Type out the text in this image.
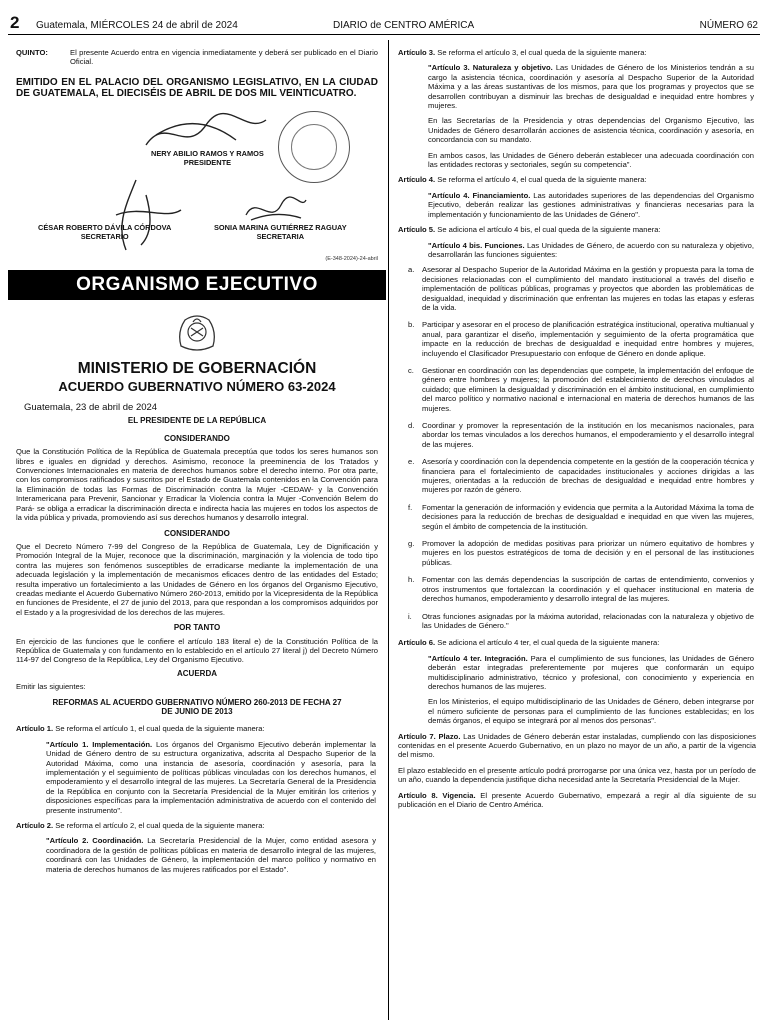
2 Guatemala, MIÉRCOLES 24 de abril de 2024	DIARIO de CENTRO AMÉRICA	NÚMERO 62
QUINTO:	El presente Acuerdo entra en vigencia inmediatamente y deberá ser publicado en el Diario Oficial.

EMITIDO EN EL PALACIO DEL ORGANISMO LEGISLATIVO, EN LA CIUDAD DE GUATEMALA, EL DIECISÉIS DE ABRIL DE DOS MIL VEINTICUATRO.

NERY ABILIO RAMOS Y RAMOS
PRESIDENTE
CÉSAR ROBERTO DÁVILA CÓRDOVA
SECRETARIO
SONIA MARINA GUTIÉRREZ RAGUAY
SECRETARIA
(E-348-2024)-24-abril
ORGANISMO EJECUTIVO
MINISTERIO DE GOBERNACIÓN
ACUERDO GUBERNATIVO NÚMERO 63-2024
Guatemala, 23 de abril de 2024
EL PRESIDENTE DE LA REPÚBLICA
CONSIDERANDO

Que la Constitución Política de la República de Guatemala preceptúa que todos los seres humanos son libres e iguales en dignidad y derechos. Asimismo, reconoce la preeminencia de los Tratados y Convenciones Internacionales en materia de derechos humanos sobre el derecho interno. Por otra parte, con los compromisos ratificados y suscritos por el Estado de Guatemala contenidos en la Convención para la Eliminación de todas las Formas de Discriminación contra la Mujer -CEDAW- y la Convención Interamericana para Prevenir, Sancionar y Erradicar la Violencia contra la Mujer -Convención Belem do Pará- se obliga a erradicar la discriminación directa e indirecta hacia las mujeres en todos los aspectos de la vida pública y privada, promoviendo así sus derechos humanos y desarrollo integral.

CONSIDERANDO

Que el Decreto Número 7-99 del Congreso de la República de Guatemala, Ley de Dignificación y Promoción Integral de la Mujer, reconoce que la discriminación, marginación y la violencia de todo tipo contra las mujeres son fenómenos susceptibles de erradicarse mediante la implementación de una adecuada legislación y la implementación de mecanismos eficaces dentro de las entidades del Estado; resulta imperativo un fortalecimiento a las Unidades de Género en los órganos del Organismo Ejecutivo, creadas mediante el Acuerdo Gubernativo Número 260-2013, emitido por la Vicepresidenta de la República en funciones de Presidente, el 27 de junio del 2013, para que respondan a los compromisos adquiridos por el Estado y a la progresividad de los derechos de las mujeres.

POR TANTO

En ejercicio de las funciones que le confiere el artículo 183 literal e) de la Constitución Política de la República de Guatemala y con fundamento en lo establecido en el artículo 27 literal j) del Decreto Número 114-97 del Congreso de la República, Ley del Organismo Ejecutivo.

ACUERDA

Emitir las siguientes:

REFORMAS AL ACUERDO GUBERNATIVO NÚMERO 260-2013 DE FECHA 27 DE JUNIO DE 2013

Artículo 1. Se reforma el artículo 1, el cual queda de la siguiente manera:

"Artículo 1. Implementación. Los órganos del Organismo Ejecutivo deberán implementar la Unidad de Género dentro de su estructura organizativa, adscrita al Despacho Superior de la Autoridad Máxima, como una instancia de asesoría, coordinación y asesoría, para la implementación y el seguimiento de políticas públicas vinculadas con los derechos humanos, el empoderamiento y el desarrollo integral de las mujeres. La Secretaría General de la Presidencia de la República en conjunto con la Secretaría Presidencial de la Mujer emitirán los criterios y disposiciones específicas para la implementación administrativa de acuerdo con el contenido del presente instrumento".

Artículo 2. Se reforma el artículo 2, el cual queda de la siguiente manera:

"Artículo 2. Coordinación. La Secretaría Presidencial de la Mujer, como entidad asesora y coordinadora de la gestión de políticas públicas en materia de desarrollo integral de las mujeres, coordinará con las Unidades de Género, la implementación del marco político y normativo en materia de derechos humanos de las mujeres ratificados por el Estado".

Artículo 3. Se reforma el artículo 3, el cual queda de la siguiente manera:

"Artículo 3. Naturaleza y objetivo. Las Unidades de Género de los Ministerios tendrán a su cargo la asistencia técnica, coordinación y asesoría al Despacho Superior de la Autoridad Máxima y a las áreas sustantivas de los mismos, para que los programas y proyectos que se desarrollen contribuyan a disminuir las brechas de desigualdad e inequidad entre hombres y mujeres.

En las Secretarías de la Presidencia y otras dependencias del Organismo Ejecutivo, las Unidades de Género desarrollarán acciones de asistencia técnica, coordinación y asesoría, en concordancia con su mandato.

En ambos casos, las Unidades de Género deberán establecer una adecuada coordinación con las entidades rectoras y sectoriales, según su competencia".

Artículo 4. Se reforma el artículo 4, el cual queda de la siguiente manera:

"Artículo 4. Financiamiento. Las autoridades superiores de las dependencias del Organismo Ejecutivo, deberán realizar las gestiones administrativas y financieras necesarias para la implementación y funcionamiento de las Unidades de Género".

Artículo 5. Se adiciona el artículo 4 bis, el cual queda de la siguiente manera:

"Artículo 4 bis. Funciones. Las Unidades de Género, de acuerdo con su naturaleza y objetivo, desarrollarán las funciones siguientes:

a. Asesorar al Despacho Superior de la Autoridad Máxima en la gestión y propuesta para la toma de decisiones relacionadas con el cumplimiento del mandato institucional a través del diseño e implementación de políticas públicas, programas y proyectos que aborden las problemáticas de desigualdad, inequidad y discriminación que enfrentan las mujeres en todas las etapas y esferas de la vida.
b. Participar y asesorar en el proceso de planificación estratégica institucional, operativa multianual y anual, para garantizar el diseño, implementación y seguimiento de la oferta programática que impacte en la reducción de brechas de desigualdad e inequidad entre hombres y mujeres, incluyendo el Clasificador Presupuestario con enfoque de Género en donde aplique.
c. Gestionar en coordinación con las dependencias que compete, la implementación del enfoque de género entre hombres y mujeres; la promoción del establecimiento de derechos vinculados al cuidado; que eliminen la desigualdad y discriminación en el ámbito institucional, en cumplimiento del marco político y normativo nacional e internacional en materia de derechos humanos de las mujeres.
d. Coordinar y promover la representación de la institución en los mecanismos nacionales, para abordar los temas vinculados a los derechos humanos, el empoderamiento y el desarrollo integral de las mujeres.
e. Asesoría y coordinación con la dependencia competente en la gestión de la cooperación técnica y financiera para el fortalecimiento de capacidades institucionales y acciones dirigidas a las mujeres, orientadas a la reducción de brechas de desigualdad e inequidad entre hombres y mujeres por razón de género.
f. Fomentar la generación de información y evidencia que permita a la Autoridad Máxima la toma de decisiones para la reducción de brechas de desigualdad e inequidad en que viven las mujeres, según el ámbito de competencia de la institución.
g. Promover la adopción de medidas positivas para priorizar un número equitativo de hombres y mujeres en los puestos estratégicos de toma de decisión y en el personal de las instituciones públicas.
h. Fomentar con las demás dependencias la suscripción de cartas de entendimiento, convenios y otros instrumentos que fortalezcan la coordinación y el quehacer institucional en materia de derechos humanos, empoderamiento y desarrollo integral de las mujeres.
i. Otras funciones asignadas por la máxima autoridad, relacionadas con la naturaleza y objetivo de las Unidades de Género."

Artículo 6. Se adiciona el artículo 4 ter, el cual queda de la siguiente manera:

"Artículo 4 ter. Integración. Para el cumplimiento de sus funciones, las Unidades de Género deberán estar integradas preferentemente por mujeres que conformarán un equipo multidisciplinario administrativo, técnico y profesional, con conocimiento y experiencia en derechos humanos de las mujeres.

En los Ministerios, el equipo multidisciplinario de las Unidades de Género, deben integrarse por el número suficiente de personas para el cumplimiento de las funciones establecidas; en los demás órganos, el equipo se integrará por al menos dos personas".

Artículo 7. Plazo. Las Unidades de Género deberán estar instaladas, cumpliendo con las disposiciones contenidas en el presente Acuerdo Gubernativo, en un plazo no mayor de un año, a partir de la vigencia del mismo.

El plazo establecido en el presente artículo podrá prorrogarse por una única vez, hasta por un período de un año, cuando la dependencia justifique dicha necesidad ante la Secretaría Presidencial de la Mujer.

Artículo 8. Vigencia. El presente Acuerdo Gubernativo, empezará a regir al día siguiente de su publicación en el Diario de Centro América.
